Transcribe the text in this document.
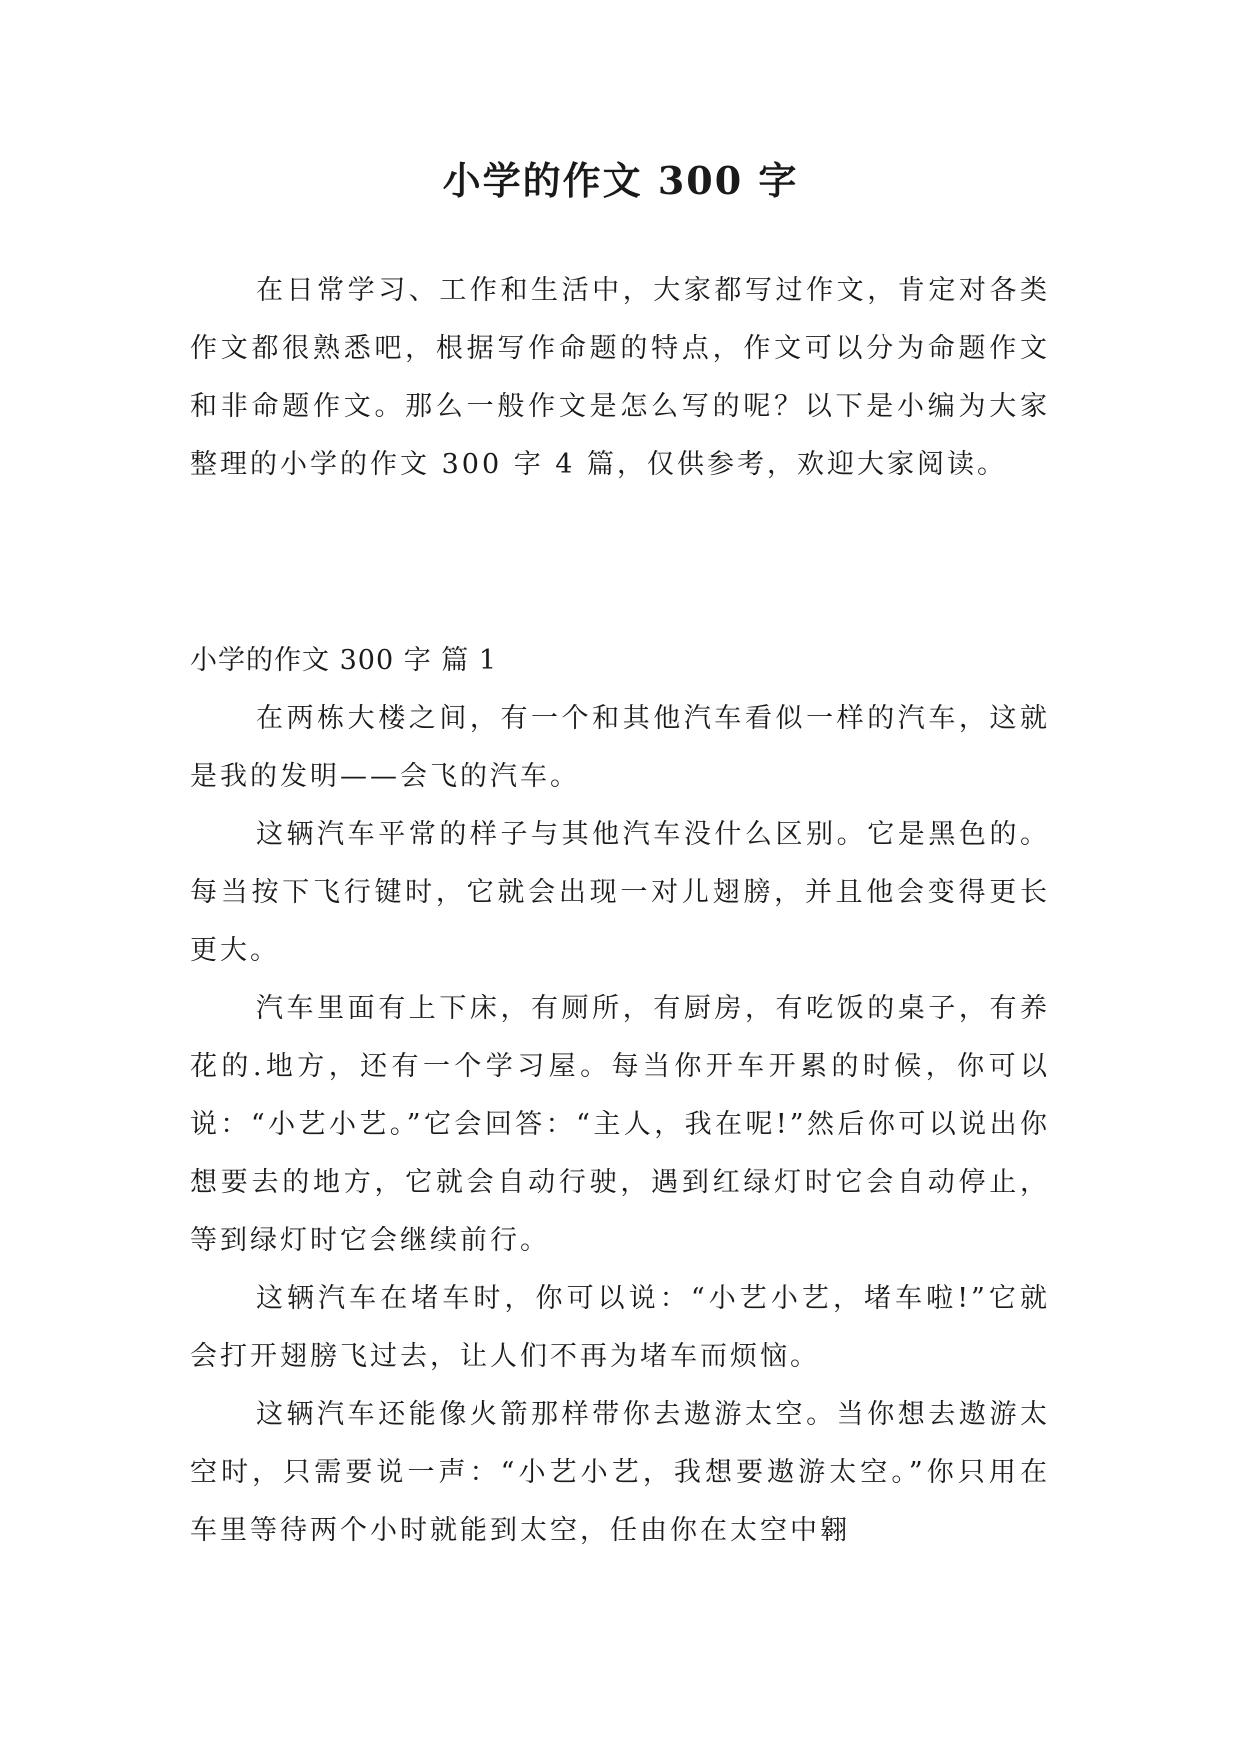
小学的作文 300 字

在日常学习、工作和生活中，大家都写过作文，肯定对各类作文都很熟悉吧，根据写作命题的特点，作文可以分为命题作文和非命题作文。那么一般作文是怎么写的呢？以下是小编为大家整理的小学的作文 300 字 4 篇，仅供参考，欢迎大家阅读。

小学的作文 300 字 篇 1

在两栋大楼之间，有一个和其他汽车看似一样的汽车，这就是我的发明——会飞的汽车。

这辆汽车平常的样子与其他汽车没什么区别。它是黑色的。每当按下飞行键时，它就会出现一对儿翅膀，并且他会变得更长更大。

汽车里面有上下床，有厕所，有厨房，有吃饭的桌子，有养花的.地方，还有一个学习屋。每当你开车开累的时候，你可以说：“小艺小艺。”它会回答：“主人，我在呢!”然后你可以说出你想要去的地方，它就会自动行驶，遇到红绿灯时它会自动停止，等到绿灯时它会继续前行。

这辆汽车在堵车时，你可以说：“小艺小艺，堵车啦!”它就会打开翅膀飞过去，让人们不再为堵车而烦恼。

这辆汽车还能像火箭那样带你去遨游太空。当你想去遨游太空时，只需要说一声：“小艺小艺，我想要遨游太空。”你只用在车里等待两个小时就能到太空，任由你在太空中翱
